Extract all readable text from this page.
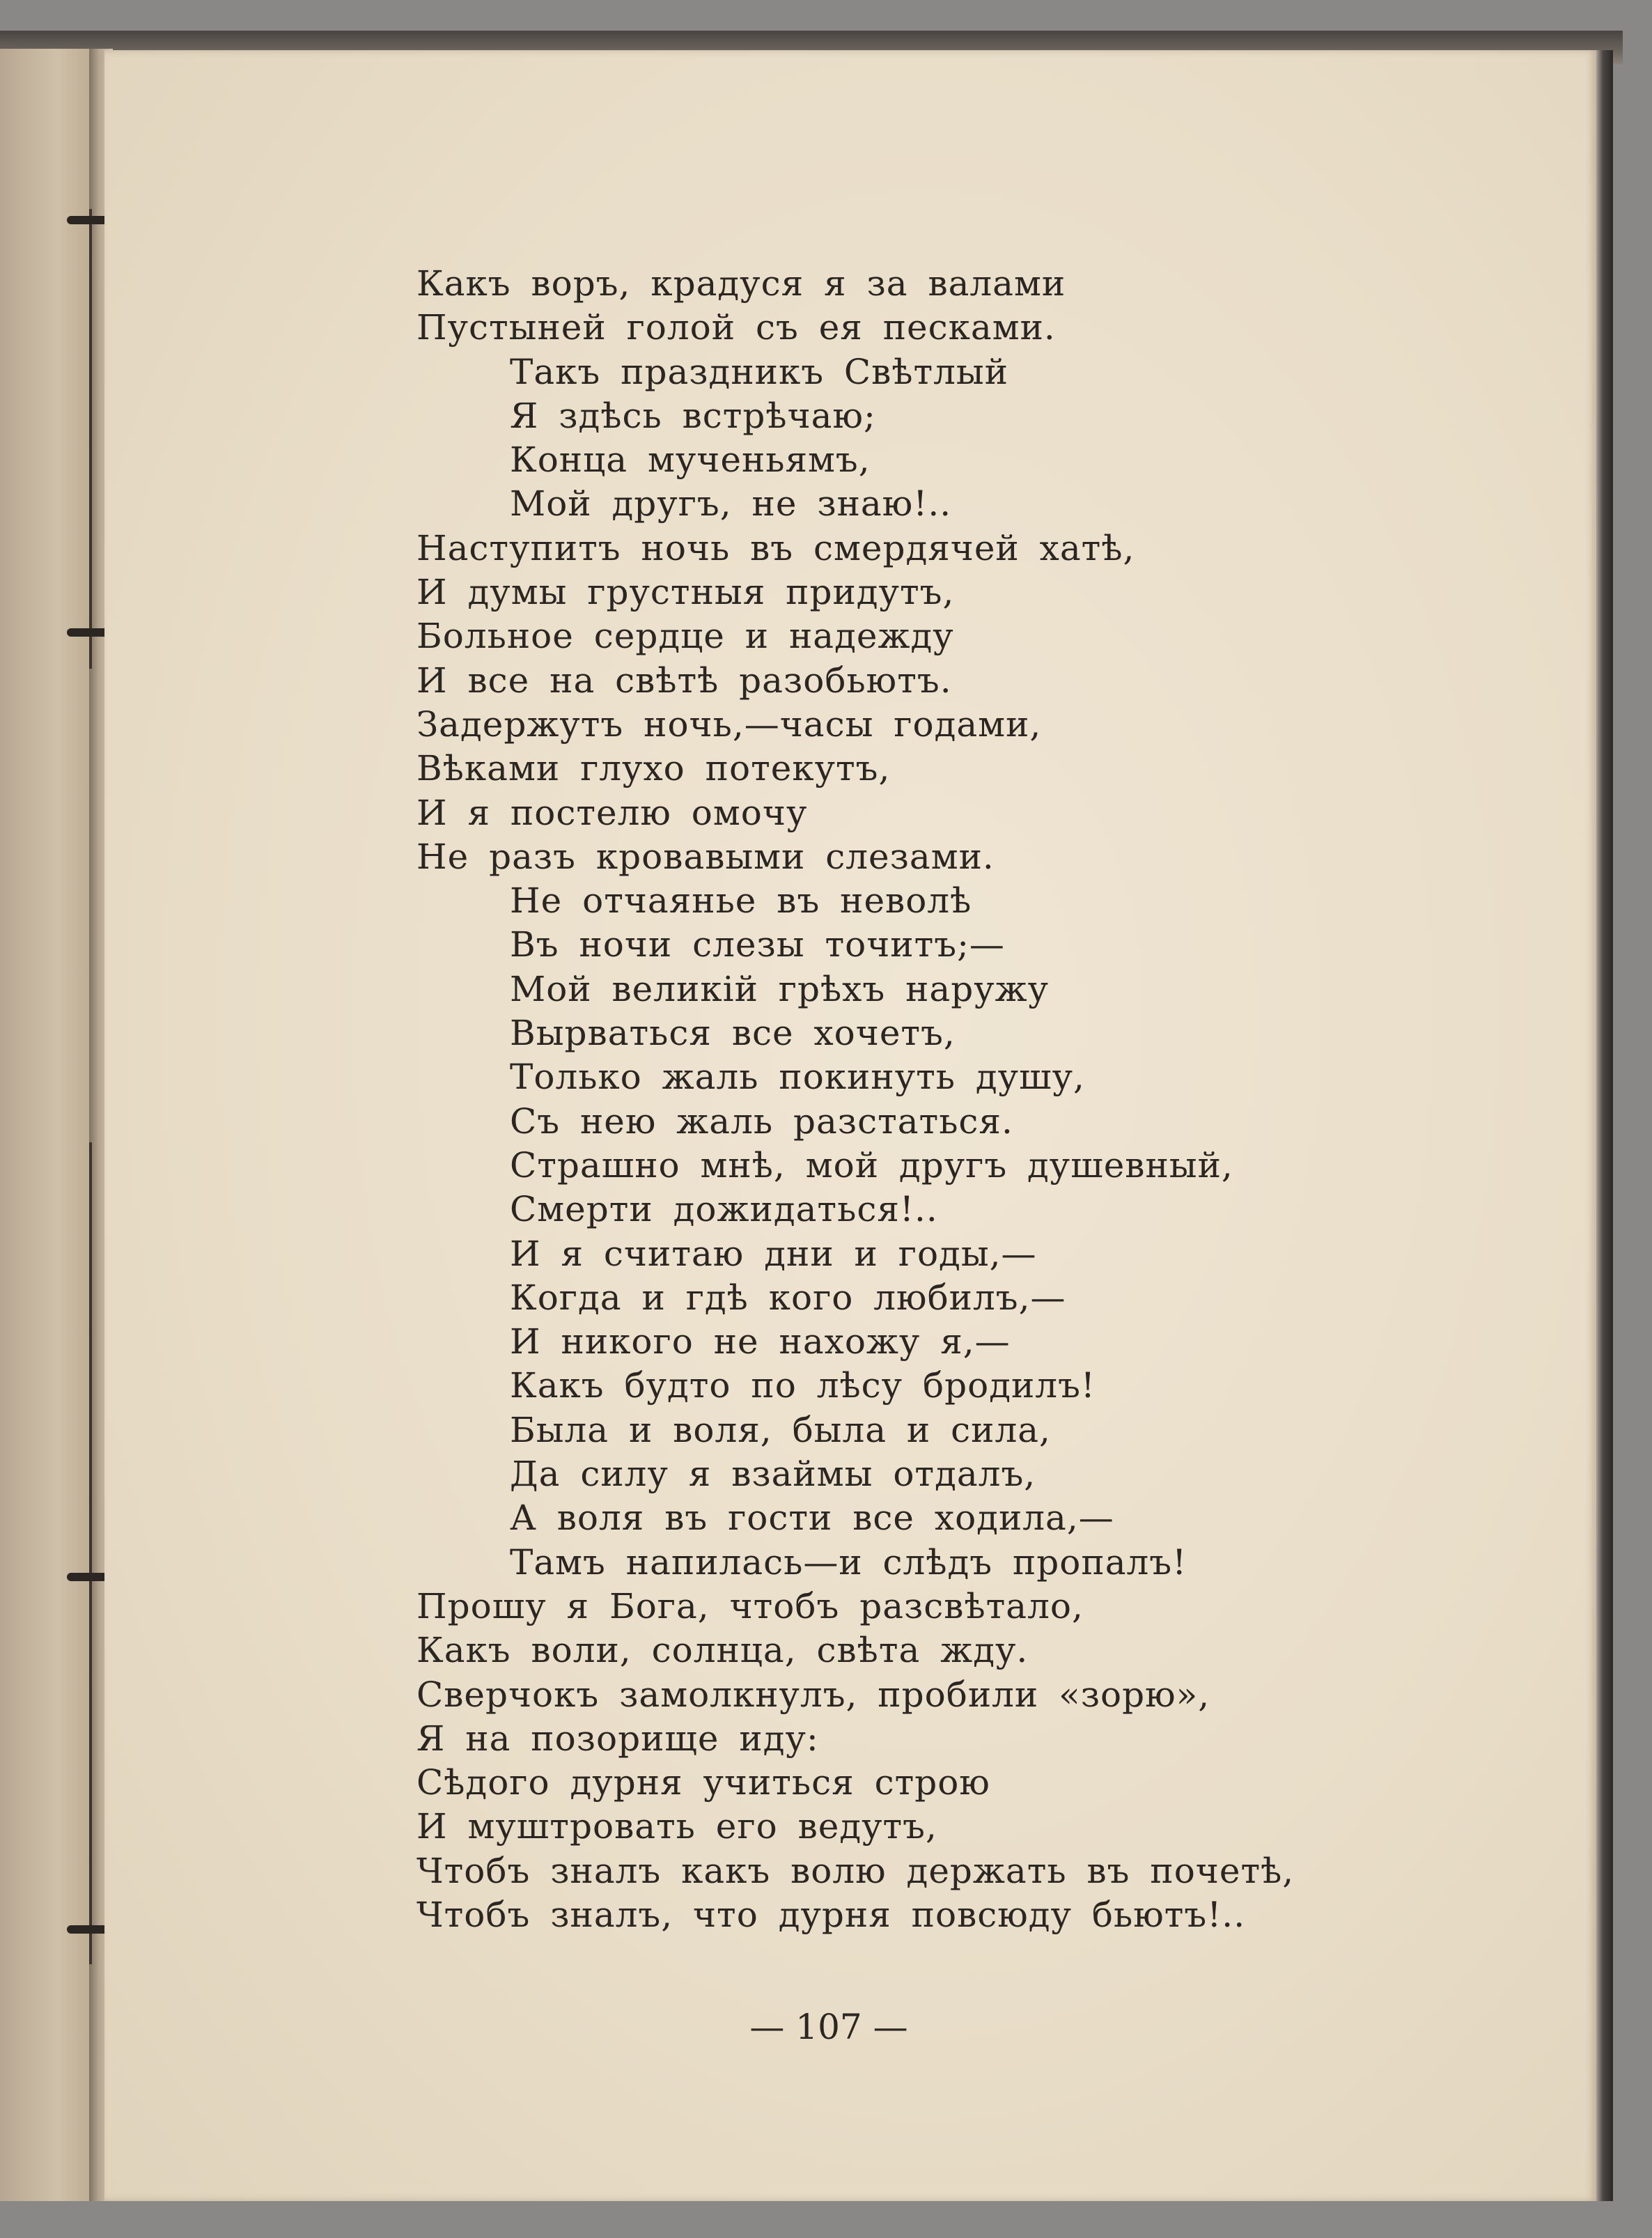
Какъ воръ, крадуся я за валами
Пустыней голой съ ея песками.
Такъ праздникъ Свѣтлый
Я здѣсь встрѣчаю;
Конца мученьямъ,
Мой другъ, не знаю!..
Наступитъ ночь въ смердячей хатѣ,
И думы грустныя придутъ,
Больное сердце и надежду
И все на свѣтѣ разобьютъ.
Задержутъ ночь,—часы годами,
Вѣками глухо потекутъ,
И я постелю омочу
Не разъ кровавыми слезами.
Не отчаянье въ неволѣ
Въ ночи слезы точитъ;—
Мой великій грѣхъ наружу
Вырваться все хочетъ,
Только жаль покинуть душу,
Съ нею жаль разстаться.
Страшно мнѣ, мой другъ душевный,
Смерти дожидаться!..
И я считаю дни и годы,—
Когда и гдѣ кого любилъ,—
И никого не нахожу я,—
Какъ будто по лѣсу бродилъ!
Была и воля, была и сила,
Да силу я взаймы отдалъ,
А воля въ гости все ходила,—
Тамъ напилась—и слѣдъ пропалъ!
Прошу я Бога, чтобъ разсвѣтало,
Какъ воли, солнца, свѣта жду.
Сверчокъ замолкнулъ, пробили «зорю»,
Я на позорище иду:
Сѣдого дурня учиться строю
И муштровать его ведутъ,
Чтобъ зналъ какъ волю держать въ почетѣ,
Чтобъ зналъ, что дурня повсюду бьютъ!..
— 107 —
